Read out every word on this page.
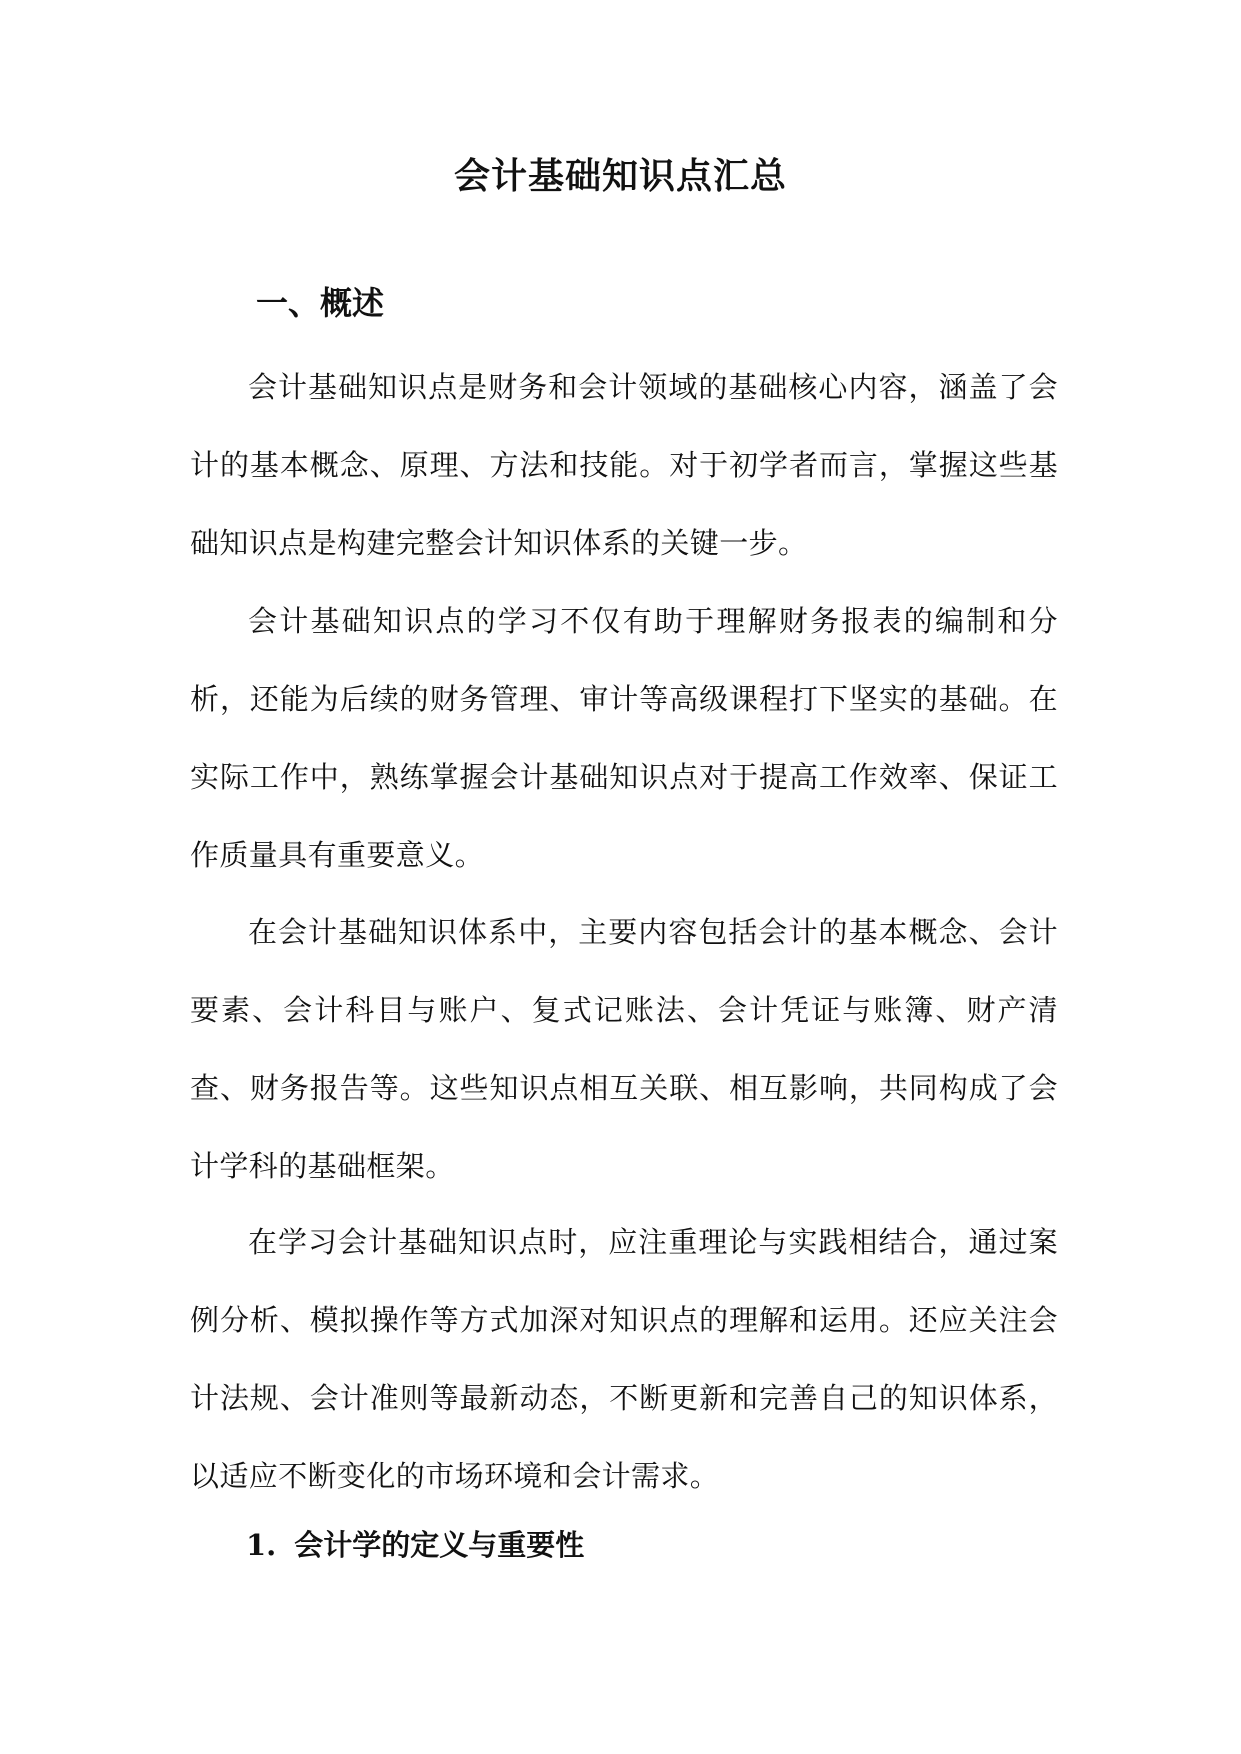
会计基础知识点汇总
一、概述

会计基础知识点是财务和会计领域的基础核心内容，涵盖了会计的基本概念、原理、方法和技能。对于初学者而言，掌握这些基础知识点是构建完整会计知识体系的关键一步。

会计基础知识点的学习不仅有助于理解财务报表的编制和分析，还能为后续的财务管理、审计等高级课程打下坚实的基础。在实际工作中，熟练掌握会计基础知识点对于提高工作效率、保证工作质量具有重要意义。

在会计基础知识体系中，主要内容包括会计的基本概念、会计要素、会计科目与账户、复式记账法、会计凭证与账簿、财产清查、财务报告等。这些知识点相互关联、相互影响，共同构成了会计学科的基础框架。

在学习会计基础知识点时，应注重理论与实践相结合，通过案例分析、模拟操作等方式加深对知识点的理解和运用。还应关注会计法规、会计准则等最新动态，不断更新和完善自己的知识体系，以适应不断变化的市场环境和会计需求。

1. 会计学的定义与重要性
